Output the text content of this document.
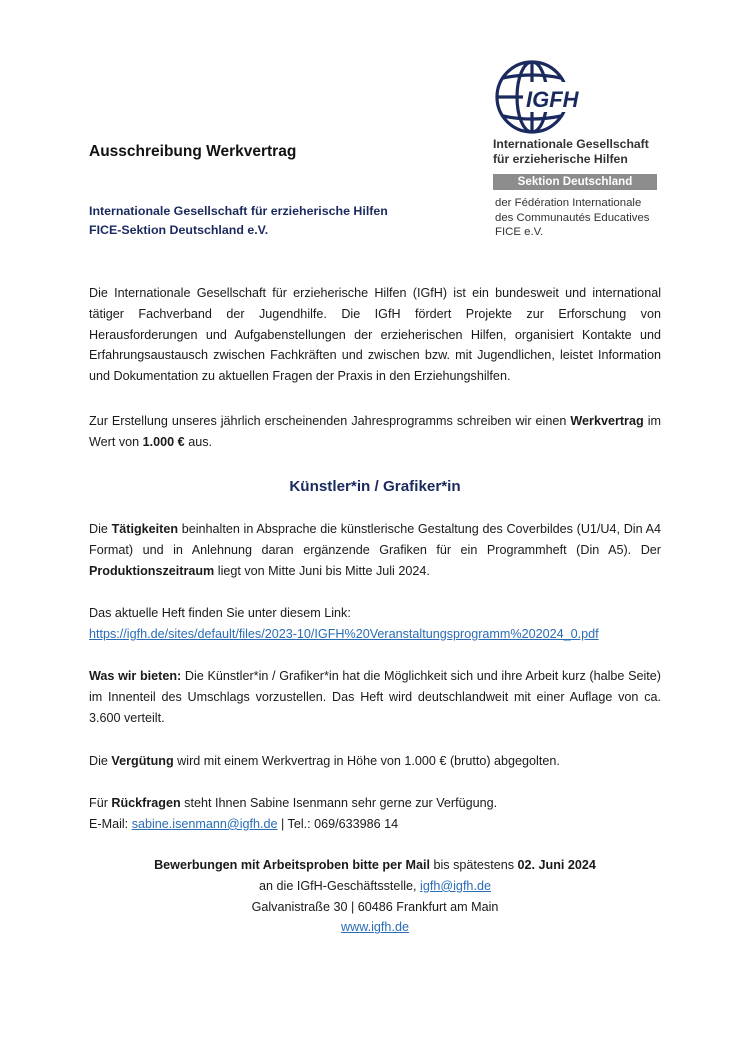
Ausschreibung Werkvertrag
Internationale Gesellschaft für erzieherische Hilfen
FICE-Sektion Deutschland e.V.
IGFH
Internationale Gesellschaft
für erzieherische Hilfen
Sektion Deutschland
der Fédération Internationale
des Communautés Educatives
FICE e.V.

Die Internationale Gesellschaft für erzieherische Hilfen (IGfH) ist ein bundesweit und international tätiger Fachverband der Jugendhilfe. Die IGfH fördert Projekte zur Erforschung von Herausforderungen und Aufgabenstellungen der erzieherischen Hilfen, organisiert Kontakte und Erfahrungsaustausch zwischen Fachkräften und zwischen bzw. mit Jugendlichen, leistet Information und Dokumentation zu aktuellen Fragen der Praxis in den Erziehungshilfen.

Zur Erstellung unseres jährlich erscheinenden Jahresprogramms schreiben wir einen Werkvertrag im Wert von 1.000 € aus.

Künstler*in / Grafiker*in

Die Tätigkeiten beinhalten in Absprache die künstlerische Gestaltung des Coverbildes (U1/U4, Din A4 Format) und in Anlehnung daran ergänzende Grafiken für ein Programmheft (Din A5). Der Produktionszeitraum liegt von Mitte Juni bis Mitte Juli 2024.

Das aktuelle Heft finden Sie unter diesem Link:

https://igfh.de/sites/default/files/2023-10/IGFH%20Veranstaltungsprogramm%202024_0.pdf

Was wir bieten: Die Künstler*in / Grafiker*in hat die Möglichkeit sich und ihre Arbeit kurz (halbe Seite) im Innenteil des Umschlags vorzustellen. Das Heft wird deutschlandweit mit einer Auflage von ca. 3.600 verteilt.

Die Vergütung wird mit einem Werkvertrag in Höhe von 1.000 € (brutto) abgegolten.

Für Rückfragen steht Ihnen Sabine Isenmann sehr gerne zur Verfügung.

E-Mail: sabine.isenmann@igfh.de | Tel.: 069/633986 14

Bewerbungen mit Arbeitsproben bitte per Mail bis spätestens 02. Juni 2024
an die IGfH-Geschäftsstelle, igfh@igfh.de
Galvanistraße 30 | 60486 Frankfurt am Main
www.igfh.de
